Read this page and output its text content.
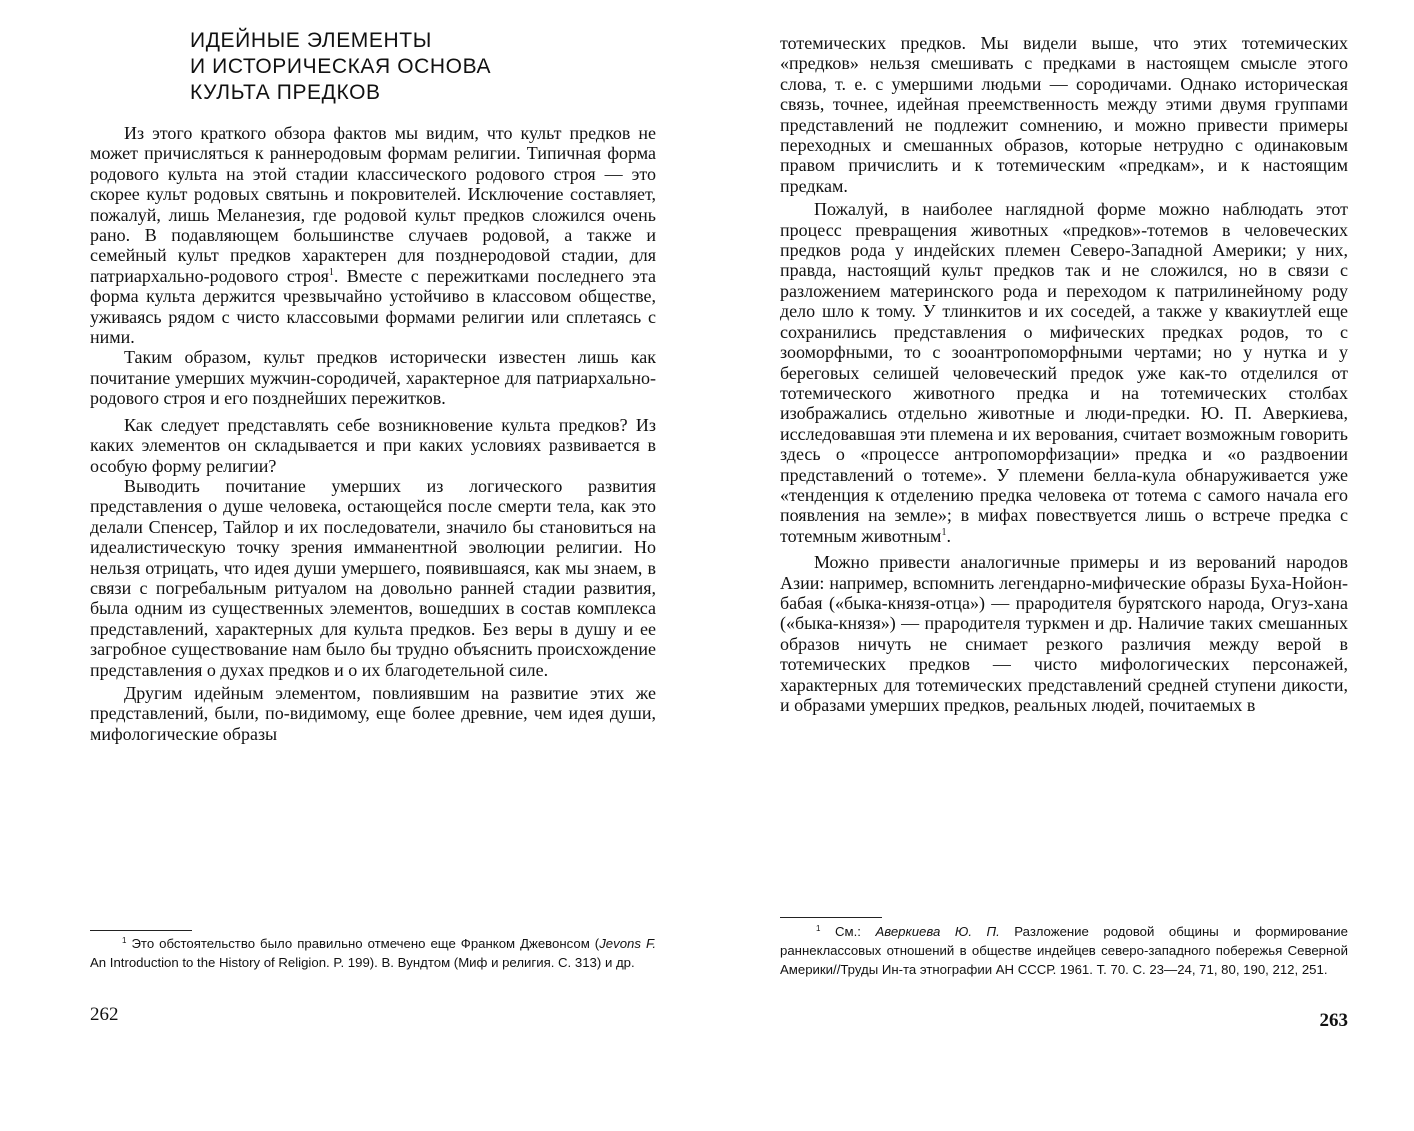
ИДЕЙНЫЕ ЭЛЕМЕНТЫ
И ИСТОРИЧЕСКАЯ ОСНОВА
КУЛЬТА ПРЕДКОВ

Из этого краткого обзора фактов мы видим, что культ предков не может причисляться к раннеродовым формам религии. Типичная форма родового культа на этой стадии классического родового строя — это скорее культ родовых святынь и покровителей. Исключение составляет, пожалуй, лишь Меланезия, где родовой культ предков сложился очень рано. В подавляющем большинстве случаев родовой, а также и семейный культ предков характерен для позднеродовой стадии, для патриархально-родового строя$^1$. Вместе с пережитками последнего эта форма культа держится чрезвычайно устойчиво в классовом обществе, уживаясь рядом с чисто классовыми формами религии или сплетаясь с ними.

Таким образом, культ предков исторически известен лишь как почитание умерших мужчин-сородичей, характерное для патриархально-родового строя и его позднейших пережитков.

Как следует представлять себе возникновение культа предков? Из каких элементов он складывается и при каких условиях развивается в особую форму религии?

Выводить почитание умерших из логического развития представления о душе человека, остающейся после смерти тела, как это делали Спенсер, Тайлор и их последователи, значило бы становиться на идеалистическую точку зрения имманентной эволюции религии. Но нельзя отрицать, что идея души умершего, появившаяся, как мы знаем, в связи с погребальным ритуалом на довольно ранней стадии развития, была одним из существенных элементов, вошедших в состав комплекса представлений, характерных для культа предков. Без веры в душу и ее загробное существование нам было бы трудно объяснить происхождение представления о духах предков и о их благодетельной силе.

Другим идейным элементом, повлиявшим на развитие этих же представлений, были, по-видимому, еще более древние, чем идея души, мифологические образы

$^1$ Это обстоятельство было правильно отмечено еще Франком Джевонсом (Jevons F. An Introduction to the History of Religion. P. 199). В. Вундтом (Миф и религия. С. 313) и др.

262

тотемических предков. Мы видели выше, что этих тотемических «предков» нельзя смешивать с предками в настоящем смысле этого слова, т. е. с умершими людьми — сородичами. Однако историческая связь, точнее, идейная преемственность между этими двумя группами представлений не подлежит сомнению, и можно привести примеры переходных и смешанных образов, которые нетрудно с одинаковым правом причислить и к тотемическим «предкам», и к настоящим предкам.

Пожалуй, в наиболее наглядной форме можно наблюдать этот процесс превращения животных «предков»-тотемов в человеческих предков рода у индейских племен Северо-Западной Америки; у них, правда, настоящий культ предков так и не сложился, но в связи с разложением материнского рода и переходом к патрилинейному роду дело шло к тому. У тлинкитов и их соседей, а также у квакиутлей еще сохранились представления о мифических предках родов, то с зооморфными, то с зооантропоморфными чертами; но у нутка и у береговых селишей человеческий предок уже как-то отделился от тотемического животного предка и на тотемических столбах изображались отдельно животные и люди-предки. Ю. П. Аверкиева, исследовавшая эти племена и их верования, считает возможным говорить здесь о «процессе антропоморфизации» предка и «о раздвоении представлений о тотеме». У племени белла-кула обнаруживается уже «тенденция к отделению предка человека от тотема с самого начала его появления на земле»; в мифах повествуется лишь о встрече предка с тотемным животным$^1$.

Можно привести аналогичные примеры и из верований народов Азии: например, вспомнить легендарно-мифические образы Буха-Нойон-бабая («быка-князя-отца») — прародителя бурятского народа, Огуз-хана («быка-князя») — прародителя туркмен и др. Наличие таких смешанных образов ничуть не снимает резкого различия между верой в тотемических предков — чисто мифологических персонажей, характерных для тотемических представлений средней ступени дикости, и образами умерших предков, реальных людей, почитаемых в

$^1$ См.: Аверкиева Ю. П. Разложение родовой общины и формирование раннеклассовых отношений в обществе индейцев северо-западного побережья Северной Америки//Труды Ин-та этнографии АН СССР. 1961. Т. 70. С. 23—24, 71, 80, 190, 212, 251.

263
